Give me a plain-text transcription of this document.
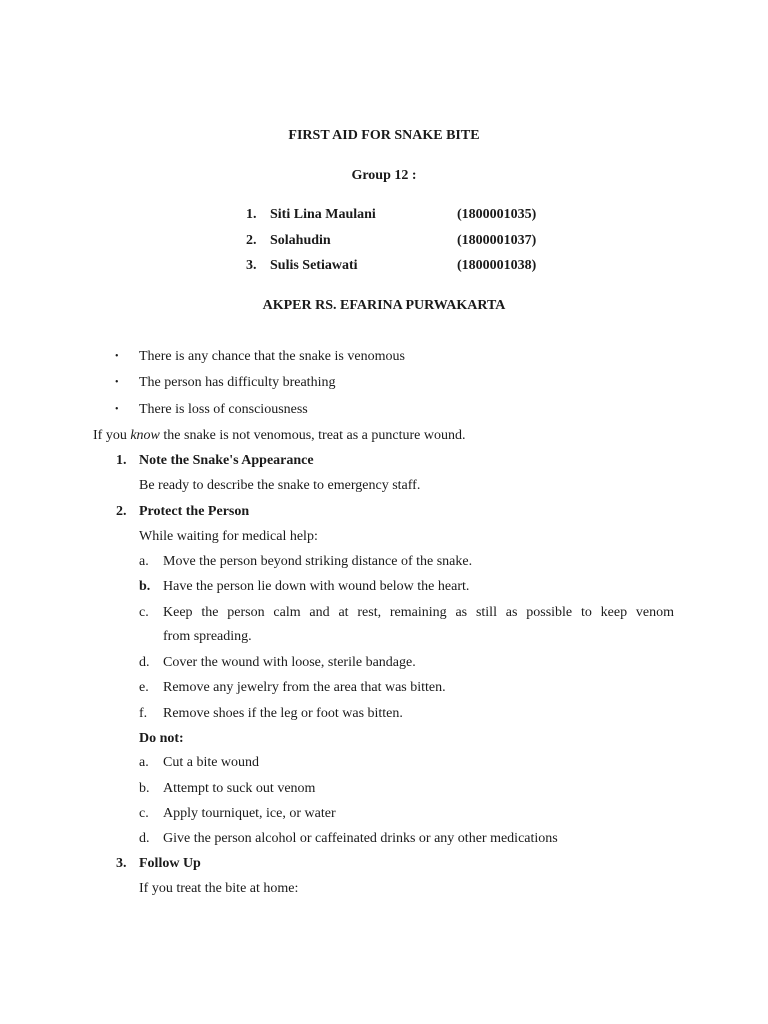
FIRST AID FOR SNAKE BITE
Group 12 :
1. Siti Lina Maulani	(1800001035)
2. Solahudin	(1800001037)
3. Sulis Setiawati	(1800001038)
AKPER RS. EFARINA PURWAKARTA
• There is any chance that the snake is venomous
• The person has difficulty breathing
• There is loss of consciousness
If you know the snake is not venomous, treat as a puncture wound.
1. Note the Snake's Appearance
Be ready to describe the snake to emergency staff.
2. Protect the Person
While waiting for medical help:
a. Move the person beyond striking distance of the snake.
b. Have the person lie down with wound below the heart.
c. Keep the person calm and at rest, remaining as still as possible to keep venom
from spreading.
d. Cover the wound with loose, sterile bandage.
e. Remove any jewelry from the area that was bitten.
f. Remove shoes if the leg or foot was bitten.
Do not:
a. Cut a bite wound
b. Attempt to suck out venom
c. Apply tourniquet, ice, or water
d. Give the person alcohol or caffeinated drinks or any other medications
3. Follow Up
If you treat the bite at home:
